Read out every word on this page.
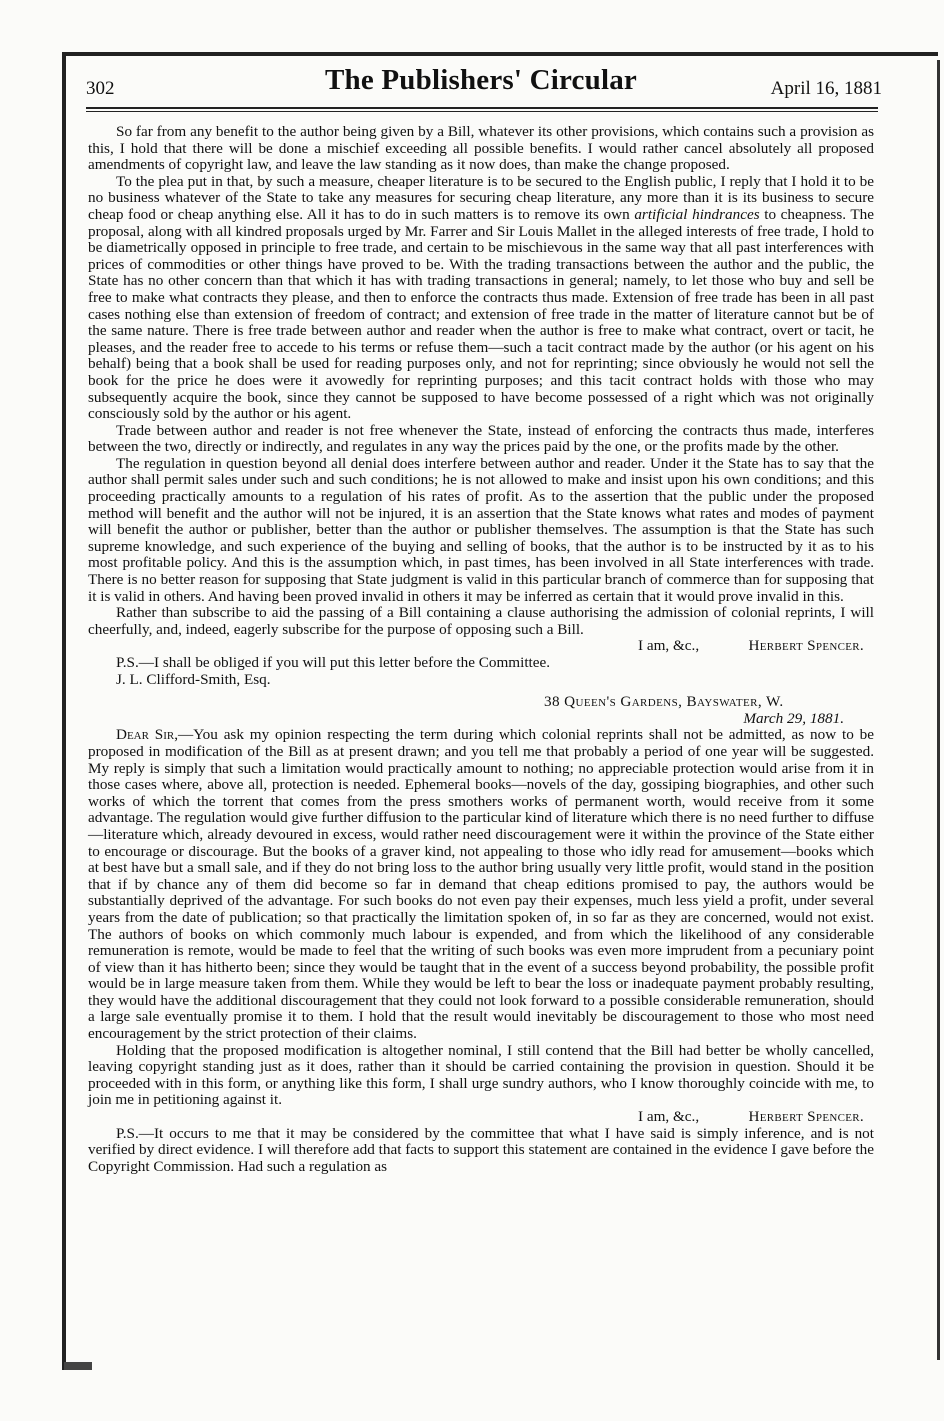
302	The Publishers' Circular	April 16, 1881

So far from any benefit to the author being given by a Bill, whatever its other provisions, which contains such a provision as this, I hold that there will be done a mischief exceeding all possible benefits. I would rather cancel absolutely all proposed amendments of copyright law, and leave the law standing as it now does, than make the change proposed.

To the plea put in that, by such a measure, cheaper literature is to be secured to the English public, I reply that I hold it to be no business whatever of the State to take any measures for securing cheap literature, any more than it is its business to secure cheap food or cheap anything else. All it has to do in such matters is to remove its own artificial hindrances to cheapness. The proposal, along with all kindred proposals urged by Mr. Farrer and Sir Louis Mallet in the alleged interests of free trade, I hold to be diametrically opposed in principle to free trade, and certain to be mischievous in the same way that all past interferences with prices of commodities or other things have proved to be. With the trading transactions between the author and the public, the State has no other concern than that which it has with trading transactions in general; namely, to let those who buy and sell be free to make what contracts they please, and then to enforce the contracts thus made. Extension of free trade has been in all past cases nothing else than extension of freedom of contract; and extension of free trade in the matter of literature cannot but be of the same nature. There is free trade between author and reader when the author is free to make what contract, overt or tacit, he pleases, and the reader free to accede to his terms or refuse them—such a tacit contract made by the author (or his agent on his behalf) being that a book shall be used for reading purposes only, and not for reprinting; since obviously he would not sell the book for the price he does were it avowedly for reprinting purposes; and this tacit contract holds with those who may subsequently acquire the book, since they cannot be supposed to have become possessed of a right which was not originally consciously sold by the author or his agent.

Trade between author and reader is not free whenever the State, instead of enforcing the contracts thus made, interferes between the two, directly or indirectly, and regulates in any way the prices paid by the one, or the profits made by the other.

The regulation in question beyond all denial does interfere between author and reader. Under it the State has to say that the author shall permit sales under such and such conditions; he is not allowed to make and insist upon his own conditions; and this proceeding practically amounts to a regulation of his rates of profit. As to the assertion that the public under the proposed method will benefit and the author will not be injured, it is an assertion that the State knows what rates and modes of payment will benefit the author or publisher, better than the author or publisher themselves. The assumption is that the State has such supreme knowledge, and such experience of the buying and selling of books, that the author is to be instructed by it as to his most profitable policy. And this is the assumption which, in past times, has been involved in all State interferences with trade. There is no better reason for supposing that State judgment is valid in this particular branch of commerce than for supposing that it is valid in others. And having been proved invalid in others it may be inferred as certain that it would prove invalid in this.

Rather than subscribe to aid the passing of a Bill containing a clause authorising the admission of colonial reprints, I will cheerfully, and, indeed, eagerly subscribe for the purpose of opposing such a Bill.

I am, &c.,	Herbert Spencer.

P.S.—I shall be obliged if you will put this letter before the Committee.

J. L. Clifford-Smith, Esq.

38 Queen's Gardens, Bayswater, W.
March 29, 1881.

Dear Sir,—You ask my opinion respecting the term during which colonial reprints shall not be admitted, as now to be proposed in modification of the Bill as at present drawn; and you tell me that probably a period of one year will be suggested. My reply is simply that such a limitation would practically amount to nothing; no appreciable protection would arise from it in those cases where, above all, protection is needed. Ephemeral books—novels of the day, gossiping biographies, and other such works of which the torrent that comes from the press smothers works of permanent worth, would receive from it some advantage. The regulation would give further diffusion to the particular kind of literature which there is no need further to diffuse—literature which, already devoured in excess, would rather need discouragement were it within the province of the State either to encourage or discourage. But the books of a graver kind, not appealing to those who idly read for amusement—books which at best have but a small sale, and if they do not bring loss to the author bring usually very little profit, would stand in the position that if by chance any of them did become so far in demand that cheap editions promised to pay, the authors would be substantially deprived of the advantage. For such books do not even pay their expenses, much less yield a profit, under several years from the date of publication; so that practically the limitation spoken of, in so far as they are concerned, would not exist. The authors of books on which commonly much labour is expended, and from which the likelihood of any considerable remuneration is remote, would be made to feel that the writing of such books was even more imprudent from a pecuniary point of view than it has hitherto been; since they would be taught that in the event of a success beyond probability, the possible profit would be in large measure taken from them. While they would be left to bear the loss or inadequate payment probably resulting, they would have the additional discouragement that they could not look forward to a possible considerable remuneration, should a large sale eventually promise it to them. I hold that the result would inevitably be discouragement to those who most need encouragement by the strict protection of their claims.

Holding that the proposed modification is altogether nominal, I still contend that the Bill had better be wholly cancelled, leaving copyright standing just as it does, rather than it should be carried containing the provision in question. Should it be proceeded with in this form, or anything like this form, I shall urge sundry authors, who I know thoroughly coincide with me, to join me in petitioning against it.

I am, &c.,	Herbert Spencer.

P.S.—It occurs to me that it may be considered by the committee that what I have said is simply inference, and is not verified by direct evidence. I will therefore add that facts to support this statement are contained in the evidence I gave before the Copyright Commission. Had such a regulation as
